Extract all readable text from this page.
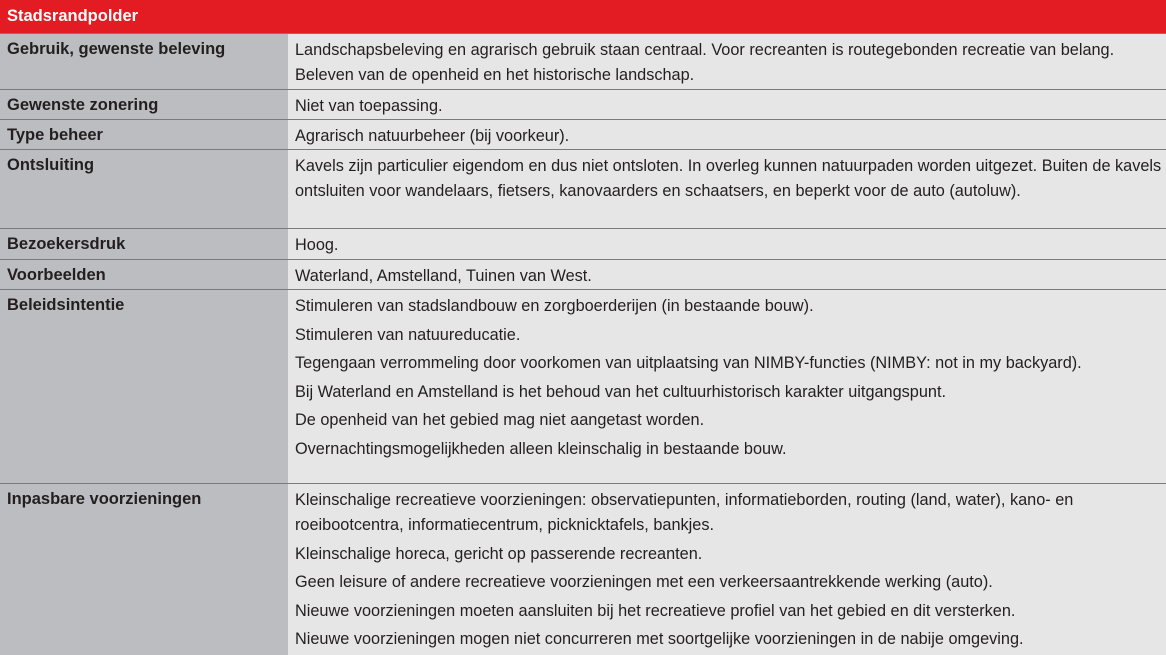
Stadsrandpolder
Gebruik, gewenste beleving	Landschapsbeleving en agrarisch gebruik staan centraal. Voor recreanten is routegebonden recreatie van belang. Beleven van de openheid en het historische landschap.
Gewenste zonering	Niet van toepassing.
Type beheer	Agrarisch natuurbeheer (bij voorkeur).
Ontsluiting	Kavels zijn particulier eigendom en dus niet ontsloten. In overleg kunnen natuurpaden worden uitgezet. Buiten de kavels ontsluiten voor wandelaars, fietsers, kanovaarders en schaatsers, en beperkt voor de auto (autoluw).
Bezoekersdruk	Hoog.
Voorbeelden	Waterland, Amstelland, Tuinen van West.
Beleidsintentie	Stimuleren van stadslandbouw en zorgboerderijen (in bestaande bouw).
Stimuleren van natuureducatie.
Tegengaan verrommeling door voorkomen van uitplaatsing van NIMBY-functies (NIMBY: not in my backyard).
Bij Waterland en Amstelland is het behoud van het cultuurhistorisch karakter uitgangspunt.
De openheid van het gebied mag niet aangetast worden.
Overnachtingsmogelijkheden alleen kleinschalig in bestaande bouw.
Inpasbare voorzieningen	Kleinschalige recreatieve voorzieningen: observatiepunten, informatieborden, routing (land, water), kano- en roeibootcentra, informatiecentrum, picknicktafels, bankjes.
Kleinschalige horeca, gericht op passerende recreanten.
Geen leisure of andere recreatieve voorzieningen met een verkeersaantrekkende werking (auto).
Nieuwe voorzieningen moeten aansluiten bij het recreatieve profiel van het gebied en dit versterken.
Nieuwe voorzieningen mogen niet concurreren met soortgelijke voorzieningen in de nabije omgeving.
